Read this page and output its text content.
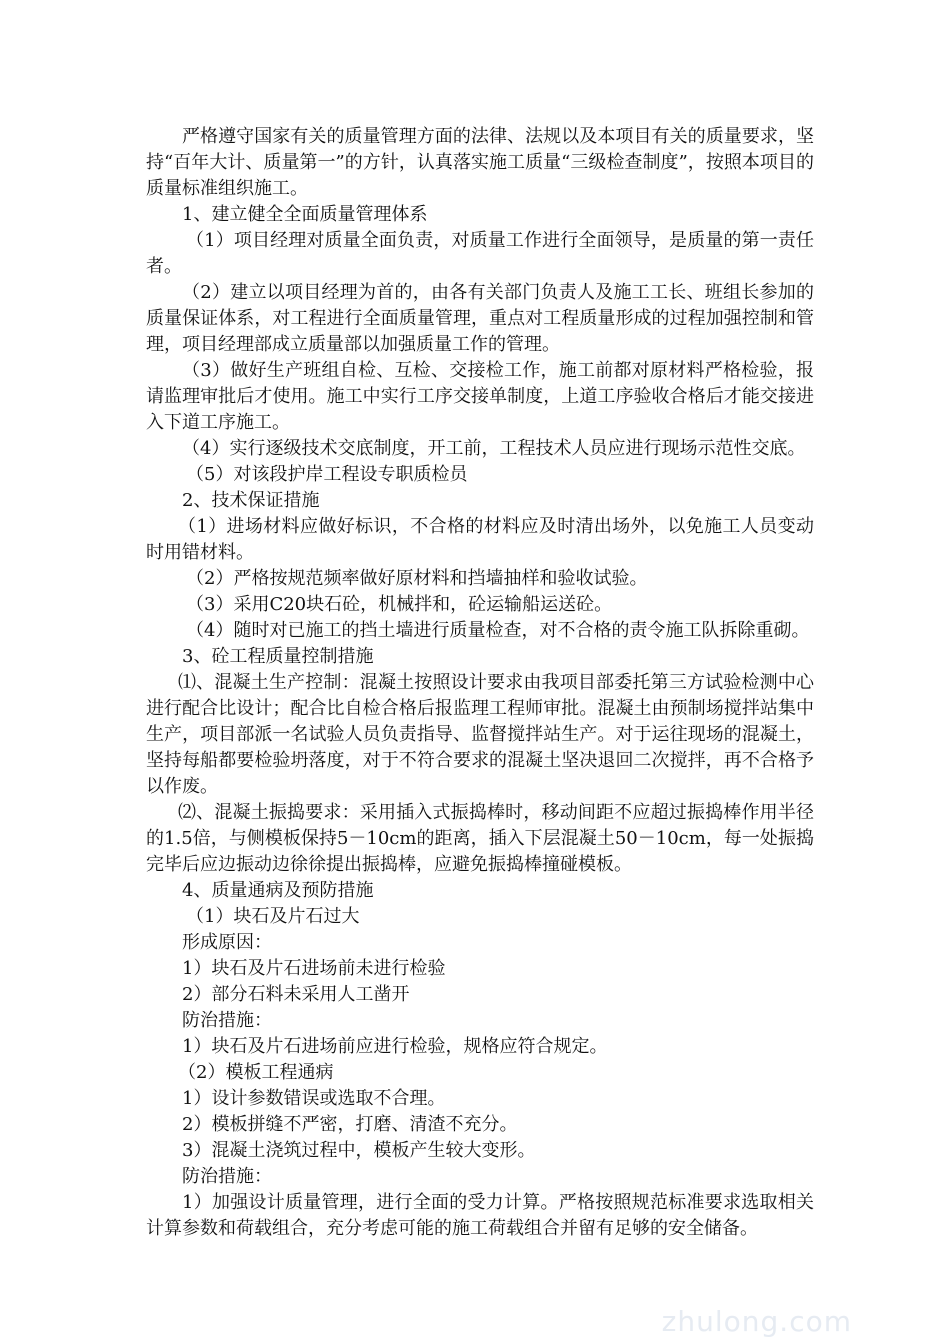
严格遵守国家有关的质量管理方面的法律、法规以及本项目有关的质量要求，坚持“百年大计、质量第一”的方针，认真落实施工质量“三级检查制度”，按照本项目的质量标准组织施工。

1、建立健全全面质量管理体系

（1）项目经理对质量全面负责，对质量工作进行全面领导，是质量的第一责任者。

（2）建立以项目经理为首的，由各有关部门负责人及施工工长、班组长参加的质量保证体系，对工程进行全面质量管理，重点对工程质量形成的过程加强控制和管理，项目经理部成立质量部以加强质量工作的管理。

（3）做好生产班组自检、互检、交接检工作，施工前都对原材料严格检验，报请监理审批后才使用。施工中实行工序交接单制度，上道工序验收合格后才能交接进入下道工序施工。

（4）实行逐级技术交底制度，开工前，工程技术人员应进行现场示范性交底。

（5）对该段护岸工程设专职质检员

2、技术保证措施

（1）进场材料应做好标识，不合格的材料应及时清出场外，以免施工人员变动时用错材料。

（2）严格按规范频率做好原材料和挡墙抽样和验收试验。

（3）采用C20块石砼，机械拌和，砼运输船运送砼。

（4）随时对已施工的挡土墙进行质量检查，对不合格的责令施工队拆除重砌。

3、砼工程质量控制措施

⑴、混凝土生产控制：混凝土按照设计要求由我项目部委托第三方试验检测中心进行配合比设计；配合比自检合格后报监理工程师审批。混凝土由预制场搅拌站集中生产，项目部派一名试验人员负责指导、监督搅拌站生产。对于运往现场的混凝土，坚持每船都要检验坍落度，对于不符合要求的混凝土坚决退回二次搅拌，再不合格予以作废。

⑵、混凝土振捣要求：采用插入式振捣棒时，移动间距不应超过振捣棒作用半径的1.5倍，与侧模板保持5－10cm的距离，插入下层混凝土50－10cm，每一处振捣完毕后应边振动边徐徐提出振捣棒，应避免振捣棒撞碰模板。

4、质量通病及预防措施

（1）块石及片石过大

形成原因：

1）块石及片石进场前未进行检验

2）部分石料未采用人工凿开

防治措施：

1）块石及片石进场前应进行检验，规格应符合规定。

（2）模板工程通病

1）设计参数错误或选取不合理。

2）模板拼缝不严密，打磨、清渣不充分。

3）混凝土浇筑过程中，模板产生较大变形。

防治措施：

1）加强设计质量管理，进行全面的受力计算。严格按照规范标准要求选取相关计算参数和荷载组合，充分考虑可能的施工荷载组合并留有足够的安全储备。

zhulong.com
